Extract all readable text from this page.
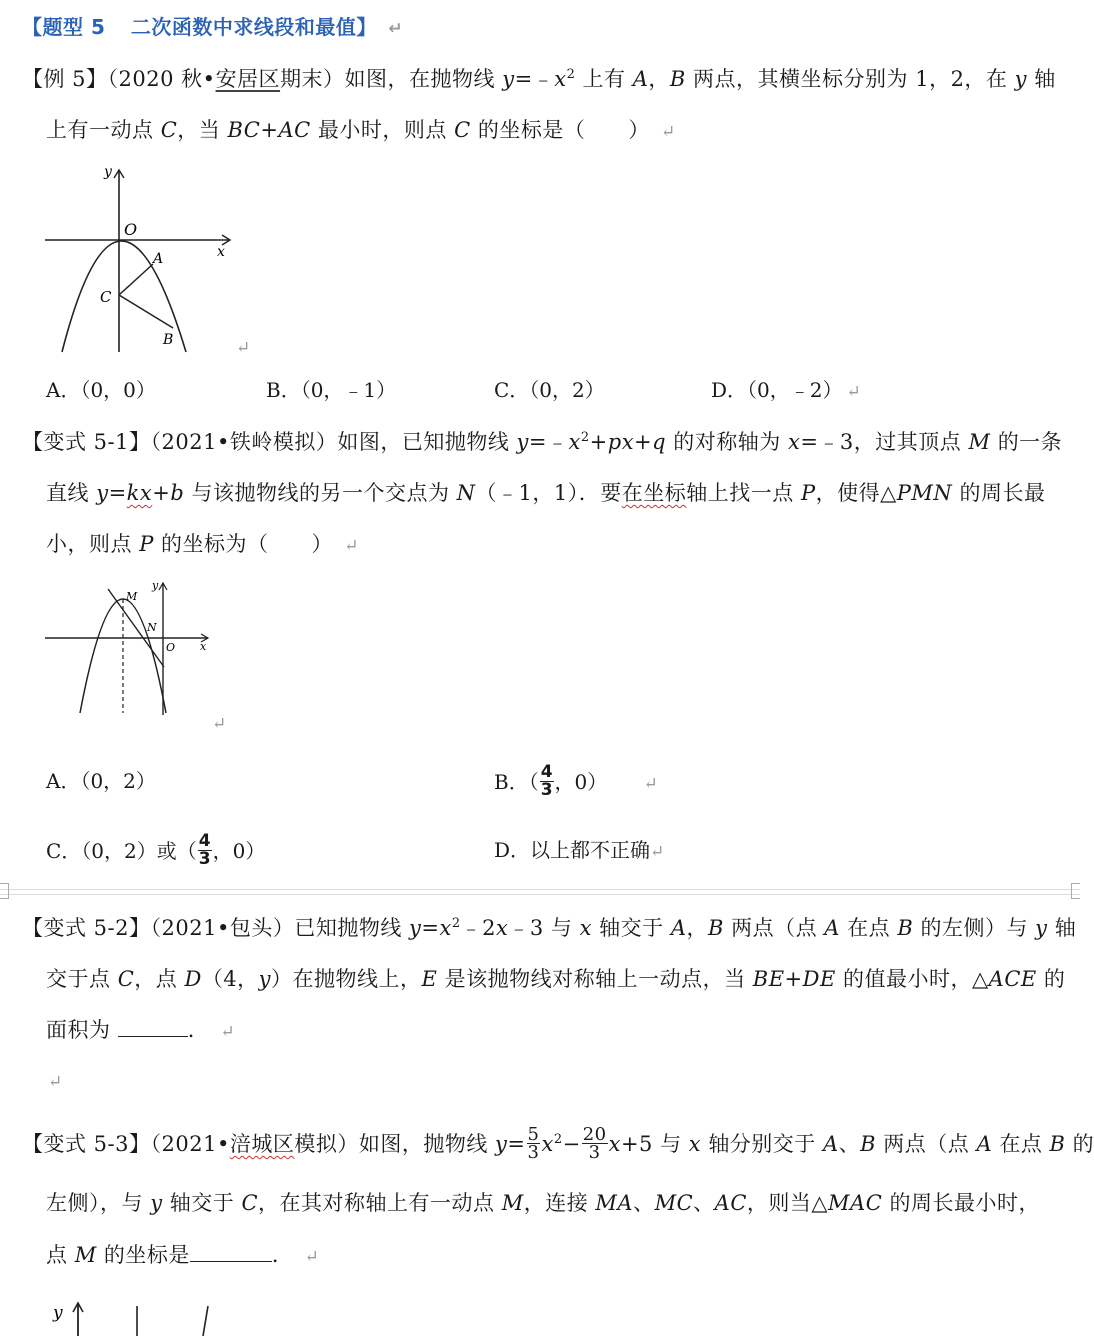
【题型 5 二次函数中求线段和最值】 ↵
【例 5】（2020 秋•安居区期末）如图，在抛物线 $y=﹣x^2$ 上有 A，B 两点，其横坐标分别为 1，2，在 y 轴
上有一动点 C，当 BC+AC 最小时，则点 C 的坐标是（　　） ↵
y
x
O
A
C
B	↵
A．（0，0）	B．（0，﹣1）	C．（0，2）	D．（0，﹣2） ↵
【变式 5-1】（2021•铁岭模拟）如图，已知抛物线 $y=﹣x^2+px+q$ 的对称轴为 x=﹣3，过其顶点 M 的一条
直线 y=kx+b 与该抛物线的另一个交点为 N（﹣1，1）．要在坐标轴上找一点 P，使得△PMN 的周长最
小，则点 P 的坐标为（　　） ↵
y
x
M
N
O
↵
A．（0，2）	B．（ $\frac{4}{3}$ ，0） ↵
C．（0，2）或（ $\frac{4}{3}$ ，0）	D．以上都不正确↵
【变式 5-2】（2021•包头）已知抛物线 $y=x^2﹣2x﹣3$ 与 x 轴交于 A，B 两点（点 A 在点 B 的左侧）与 y 轴
交于点 C，点 D（4，y）在抛物线上，E 是该抛物线对称轴上一动点，当 BE+DE 的值最小时，△ACE 的
面积为	． ↵
↵
【变式 5-3】（2021•涪城区模拟）如图，抛物线 $y= \frac{5}{3} x^2- \frac{20}{3} x+5$ 与 x 轴分别交于 A、B 两点（点 A 在点 B 的
左侧），与 y 轴交于 C，在其对称轴上有一动点 M，连接 MA、MC、AC，则当△MAC 的周长最小时，
点 M 的坐标是	． ↵
y
